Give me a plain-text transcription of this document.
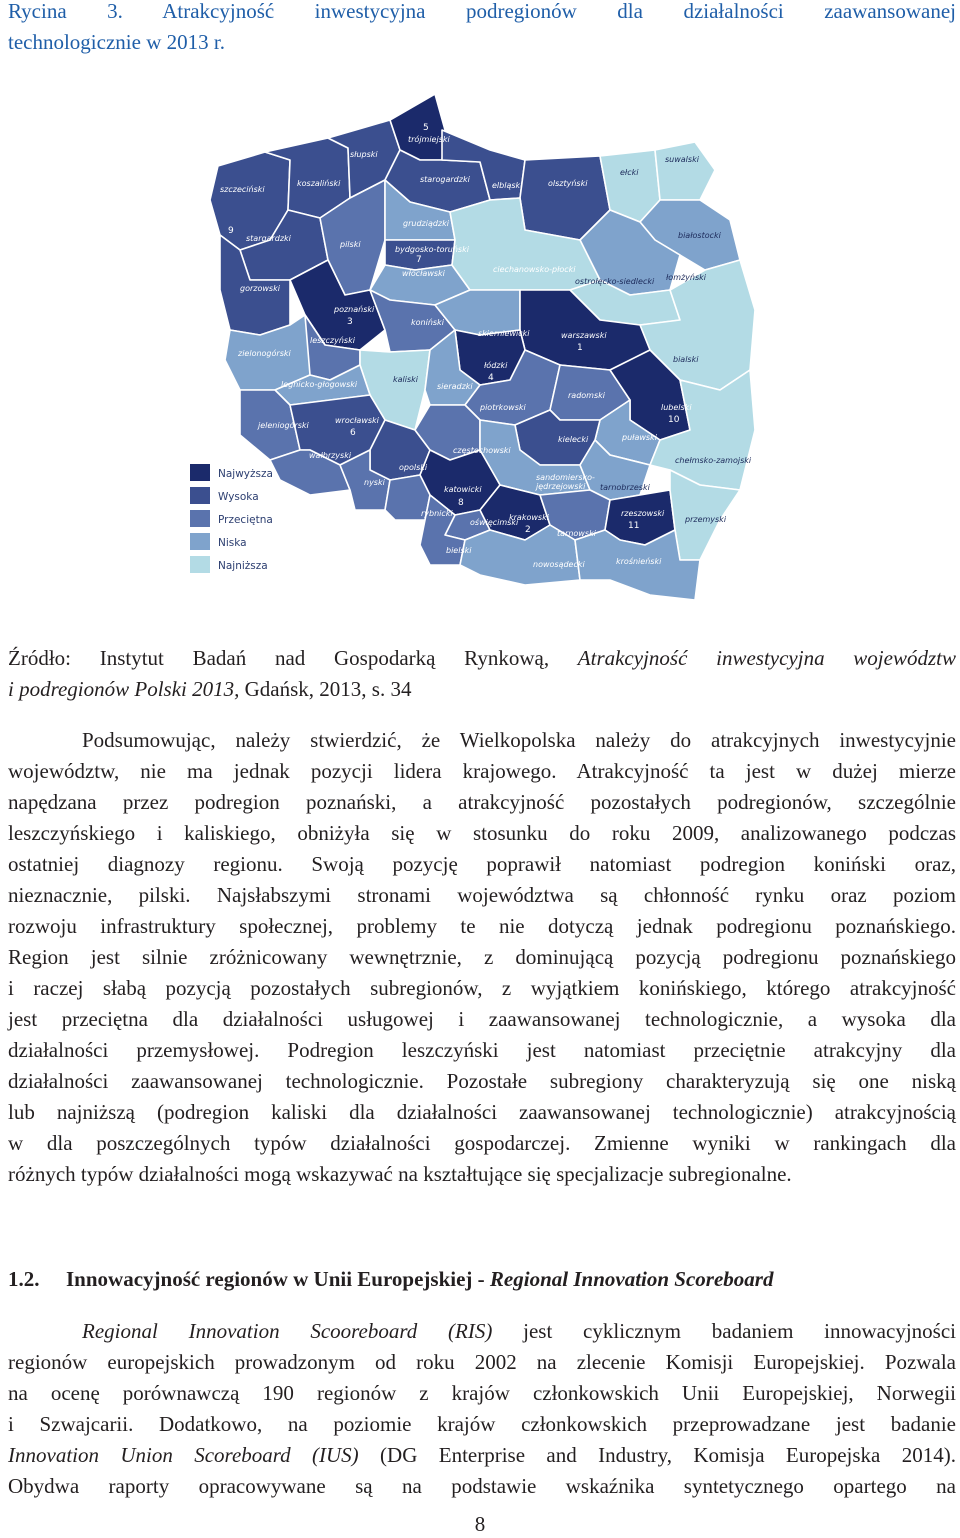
Rycina 3. Atrakcyjność inwestycyjna podregionów dla działalności zaawansowanej
technologicznie w 2013 r.
5
trójmiejski
słupski
szczeciński
koszaliński	starogardzki
elbląski	olsztyński
ełcki
suwalski
9
stargardzki
pilski
grudziądzki
bydgosko-toruński
7
włocławski	ciechanowsko-płocki
białostocki
łomżyński
ostrołęcko-siedlecki
gorzowski
poznański
3	koniński
leszczyński
skierniewicki	warszawski
1
zielonogórski
łódzki
4
bialski
kaliski
sieradzki
legnicko-głogowski
piotrkowski
radomski
lubelski
10
wrocławski
6
jeleniogórski
kielecki	puławski
wałbrzyski
częstochowski
chełmsko-zamojski
opolski
nyski
sandomiersko-
jędrzejowski
katowicki
8
tarnobrzeski
rybnicki
oświęcimski
krakowski
2	tarnowski
rzeszowski
11
przemyski
bielski
nowosądecki	krośnieński
Najwyższa
Wysoka
Przeciętna
Niska
Najniższa
Źródło: Instytut Badań nad Gospodarką Rynkową, Atrakcyjność inwestycyjna województw
i podregionów Polski 2013, Gdańsk, 2013, s. 34
Podsumowując, należy stwierdzić, że Wielkopolska należy do atrakcyjnych inwestycyjnie
województw, nie ma jednak pozycji lidera krajowego. Atrakcyjność ta jest w dużej mierze
napędzana przez podregion poznański, a atrakcyjność pozostałych podregionów, szczególnie
leszczyńskiego i kaliskiego, obniżyła się w stosunku do roku 2009, analizowanego podczas
ostatniej diagnozy regionu. Swoją pozycję poprawił natomiast podregion koniński oraz,
nieznacznie, pilski. Najsłabszymi stronami województwa są chłonność rynku oraz poziom
rozwoju infrastruktury społecznej, problemy te nie dotyczą jednak podregionu poznańskiego.
Region jest silnie zróżnicowany wewnętrznie, z dominującą pozycją podregionu poznańskiego
i raczej słabą pozycją pozostałych subregionów, z wyjątkiem konińskiego, którego atrakcyjność
jest przeciętna dla działalności usługowej i zaawansowanej technologicznie, a wysoka dla
działalności przemysłowej. Podregion leszczyński jest natomiast przeciętnie atrakcyjny dla
działalności zaawansowanej technologicznie. Pozostałe subregiony charakteryzują się one niską
lub najniższą (podregion kaliski dla działalności zaawansowanej technologicznie) atrakcyjnością
w dla poszczególnych typów działalności gospodarczej. Zmienne wyniki w rankingach dla
różnych typów działalności mogą wskazywać na kształtujące się specjalizacje subregionalne.
1.2. Innowacyjność regionów w Unii Europejskiej - Regional Innovation Scoreboard
Regional Innovation Scooreboard (RIS) jest cyklicznym badaniem innowacyjności
regionów europejskich prowadzonym od roku 2002 na zlecenie Komisji Europejskiej. Pozwala
na ocenę porównawczą 190 regionów z krajów członkowskich Unii Europejskiej, Norwegii
i Szwajcarii. Dodatkowo, na poziomie krajów członkowskich przeprowadzane jest badanie
Innovation Union Scoreboard (IUS) (DG Enterprise and Industry, Komisja Europejska 2014).
Obydwa raporty opracowywane są na podstawie wskaźnika syntetycznego opartego na
8
